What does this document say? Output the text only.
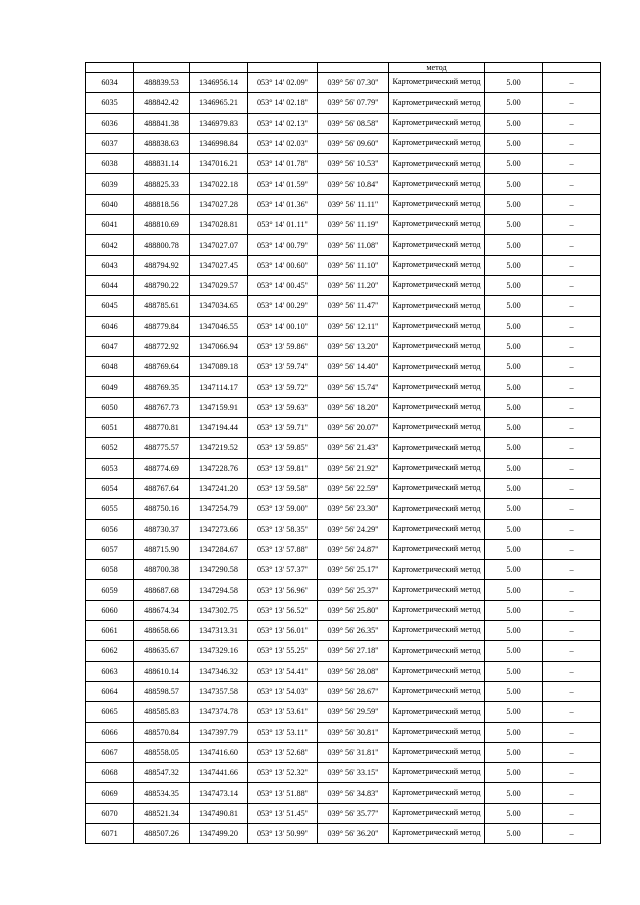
					метод		
6034	488839.53	1346956.14	053° 14' 02.09"	039° 56' 07.30"	Картометрический метод	5.00	–
6035	488842.42	1346965.21	053° 14' 02.18"	039° 56' 07.79"	Картометрический метод	5.00	–
6036	488841.38	1346979.83	053° 14' 02.13"	039° 56' 08.58"	Картометрический метод	5.00	–
6037	488838.63	1346998.84	053° 14' 02.03"	039° 56' 09.60"	Картометрический метод	5.00	–
6038	488831.14	1347016.21	053° 14' 01.78"	039° 56' 10.53"	Картометрический метод	5.00	–
6039	488825.33	1347022.18	053° 14' 01.59"	039° 56' 10.84"	Картометрический метод	5.00	–
6040	488818.56	1347027.28	053° 14' 01.36"	039° 56' 11.11"	Картометрический метод	5.00	–
6041	488810.69	1347028.81	053° 14' 01.11"	039° 56' 11.19"	Картометрический метод	5.00	–
6042	488800.78	1347027.07	053° 14' 00.79"	039° 56' 11.08"	Картометрический метод	5.00	–
6043	488794.92	1347027.45	053° 14' 00.60"	039° 56' 11.10"	Картометрический метод	5.00	–
6044	488790.22	1347029.57	053° 14' 00.45"	039° 56' 11.20"	Картометрический метод	5.00	–
6045	488785.61	1347034.65	053° 14' 00.29"	039° 56' 11.47"	Картометрический метод	5.00	–
6046	488779.84	1347046.55	053° 14' 00.10"	039° 56' 12.11"	Картометрический метод	5.00	–
6047	488772.92	1347066.94	053° 13' 59.86"	039° 56' 13.20"	Картометрический метод	5.00	–
6048	488769.64	1347089.18	053° 13' 59.74"	039° 56' 14.40"	Картометрический метод	5.00	–
6049	488769.35	1347114.17	053° 13' 59.72"	039° 56' 15.74"	Картометрический метод	5.00	–
6050	488767.73	1347159.91	053° 13' 59.63"	039° 56' 18.20"	Картометрический метод	5.00	–
6051	488770.81	1347194.44	053° 13' 59.71"	039° 56' 20.07"	Картометрический метод	5.00	–
6052	488775.57	1347219.52	053° 13' 59.85"	039° 56' 21.43"	Картометрический метод	5.00	–
6053	488774.69	1347228.76	053° 13' 59.81"	039° 56' 21.92"	Картометрический метод	5.00	–
6054	488767.64	1347241.20	053° 13' 59.58"	039° 56' 22.59"	Картометрический метод	5.00	–
6055	488750.16	1347254.79	053° 13' 59.00"	039° 56' 23.30"	Картометрический метод	5.00	–
6056	488730.37	1347273.66	053° 13' 58.35"	039° 56' 24.29"	Картометрический метод	5.00	–
6057	488715.90	1347284.67	053° 13' 57.88"	039° 56' 24.87"	Картометрический метод	5.00	–
6058	488700.38	1347290.58	053° 13' 57.37"	039° 56' 25.17"	Картометрический метод	5.00	–
6059	488687.68	1347294.58	053° 13' 56.96"	039° 56' 25.37"	Картометрический метод	5.00	–
6060	488674.34	1347302.75	053° 13' 56.52"	039° 56' 25.80"	Картометрический метод	5.00	–
6061	488658.66	1347313.31	053° 13' 56.01"	039° 56' 26.35"	Картометрический метод	5.00	–
6062	488635.67	1347329.16	053° 13' 55.25"	039° 56' 27.18"	Картометрический метод	5.00	–
6063	488610.14	1347346.32	053° 13' 54.41"	039° 56' 28.08"	Картометрический метод	5.00	–
6064	488598.57	1347357.58	053° 13' 54.03"	039° 56' 28.67"	Картометрический метод	5.00	–
6065	488585.83	1347374.78	053° 13' 53.61"	039° 56' 29.59"	Картометрический метод	5.00	–
6066	488570.84	1347397.79	053° 13' 53.11"	039° 56' 30.81"	Картометрический метод	5.00	–
6067	488558.05	1347416.60	053° 13' 52.68"	039° 56' 31.81"	Картометрический метод	5.00	–
6068	488547.32	1347441.66	053° 13' 52.32"	039° 56' 33.15"	Картометрический метод	5.00	–
6069	488534.35	1347473.14	053° 13' 51.88"	039° 56' 34.83"	Картометрический метод	5.00	–
6070	488521.34	1347490.81	053° 13' 51.45"	039° 56' 35.77"	Картометрический метод	5.00	–
6071	488507.26	1347499.20	053° 13' 50.99"	039° 56' 36.20"	Картометрический метод	5.00	–
